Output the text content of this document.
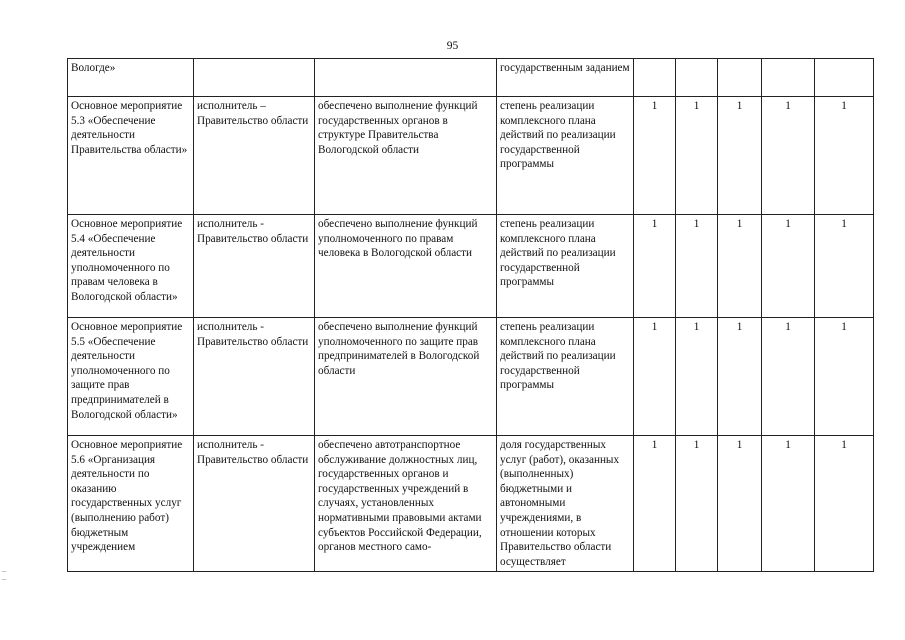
95
Вологде»			государственным заданием					
Основное мероприятие 5.3 «Обеспечение деятельности Правительства области»	исполнитель – Правительство области	обеспечено выполнение функций государственных органов в структуре Правительства Вологодской области	степень реализации комплексного плана действий по реализации государственной программы	1	1	1	1	1
Основное мероприятие 5.4 «Обеспечение деятельности уполномоченного по правам человека в Вологодской области»	исполнитель - Правительство области	обеспечено выполнение функций уполномоченного по правам человека в Вологодской области	степень реализации комплексного плана действий по реализации государственной программы	1	1	1	1	1
Основное мероприятие 5.5 «Обеспечение деятельности уполномоченного по защите прав предпринимателей в Вологодской области»	исполнитель - Правительство области	обеспечено выполнение функций уполномоченного по защите прав предпринимателей в Вологодской области	степень реализации комплексного плана действий по реализации государственной программы	1	1	1	1	1
Основное мероприятие 5.6 «Организация деятельности по оказанию государственных услуг (выполнению работ) бюджетным учреждением	исполнитель - Правительство области	обеспечено автотранспортное обслуживание должностных лиц, государственных органов и государственных учреждений в случаях, установленных нормативными правовыми актами субъектов Российской Федерации, органов местного само-	доля государственных услуг (работ), оказанных (выполненных) бюджетными и автономными учреждениями, в отношении которых Правительство области осуществляет	1	1	1	1	1
–
–
